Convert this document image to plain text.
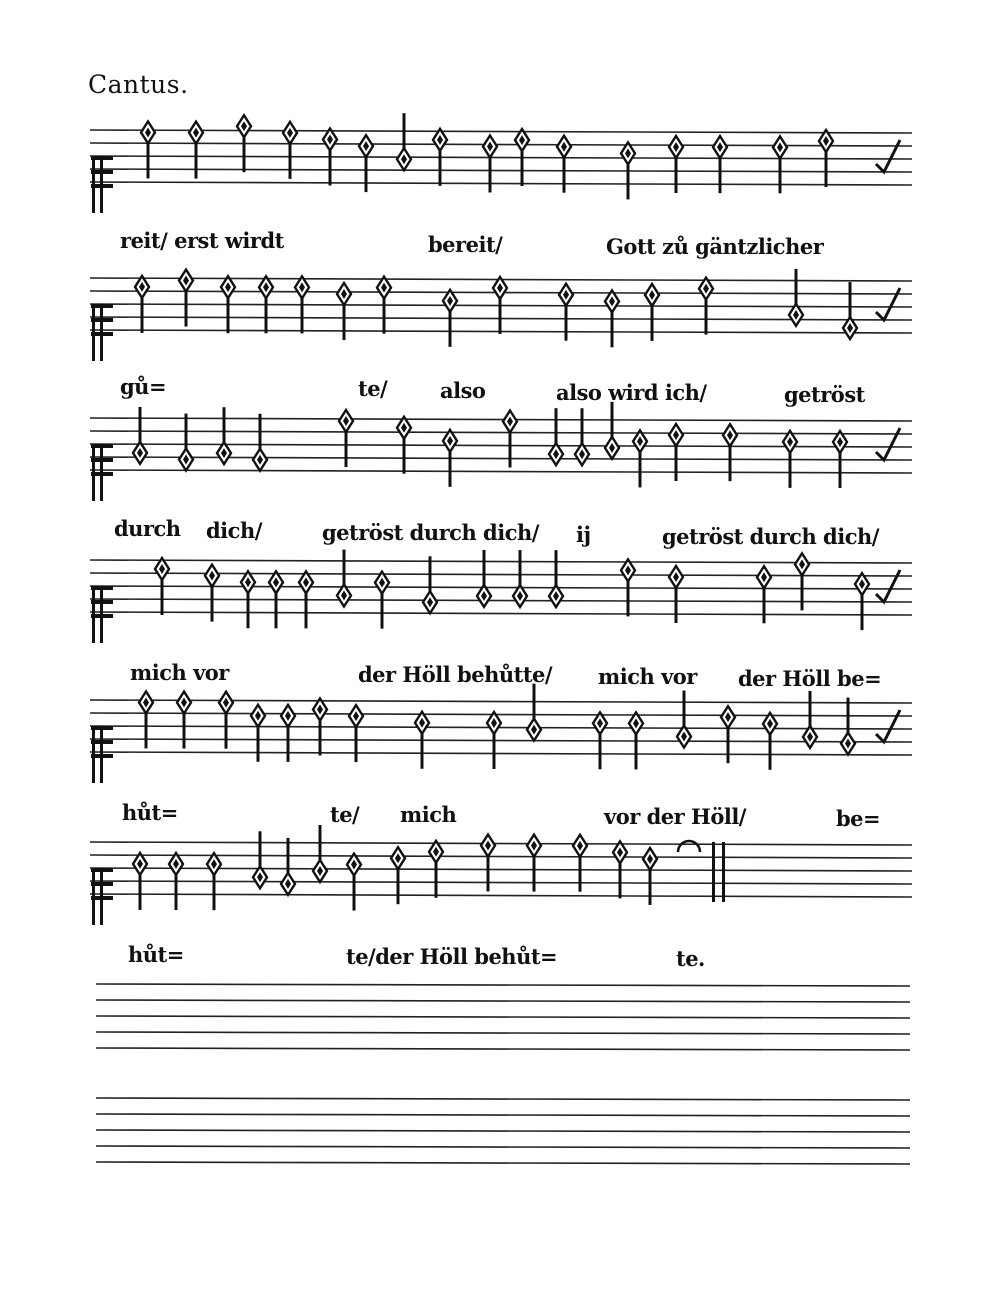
Cantus.
reit/ erst wirdt	bereit/	Gott zů gäntzlicher
gů=	te/	also	also wird ich/	getröst
durch dich/	getröst durch dich/ ij	getröst durch dich/
mich vor	der Höll behůtte/ mich vor der Höll be=
hůt=	te/ mich	vor der Höll/	be=
hůt=	te/der Höll behůt=	te.
